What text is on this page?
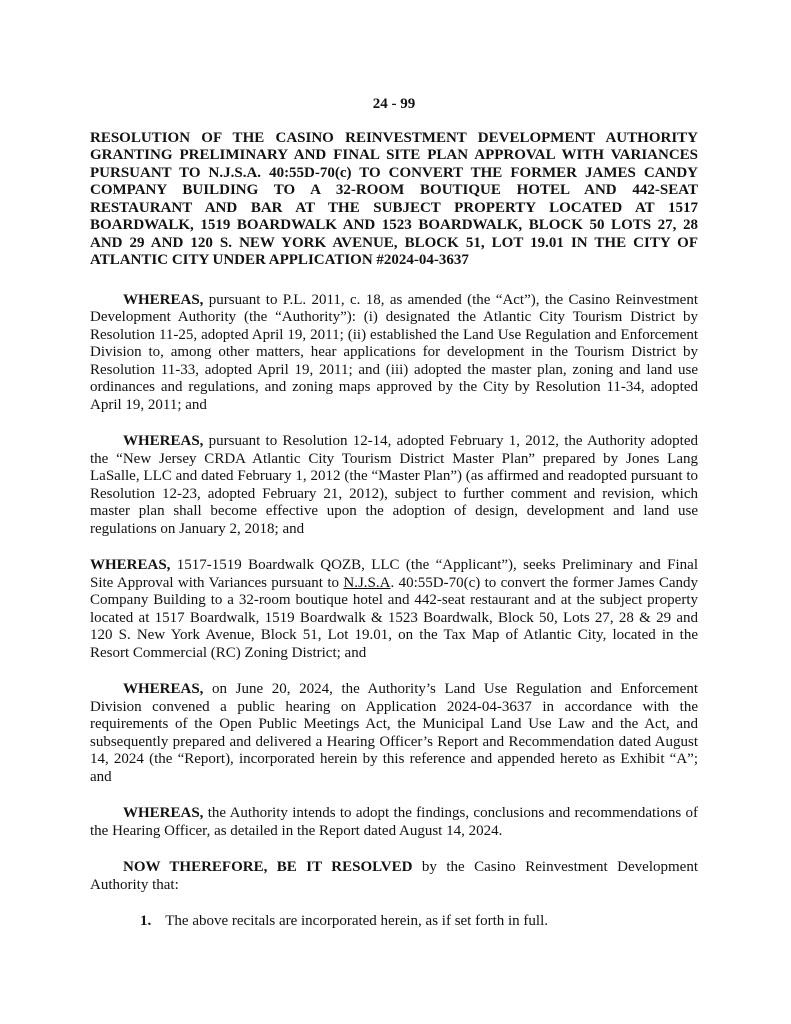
24 - 99

RESOLUTION OF THE CASINO REINVESTMENT DEVELOPMENT AUTHORITY GRANTING PRELIMINARY AND FINAL SITE PLAN APPROVAL WITH VARIANCES PURSUANT TO N.J.S.A. 40:55D-70(c) TO CONVERT THE FORMER JAMES CANDY COMPANY BUILDING TO A 32-ROOM BOUTIQUE HOTEL AND 442-SEAT RESTAURANT AND BAR AT THE SUBJECT PROPERTY LOCATED AT 1517 BOARDWALK, 1519 BOARDWALK AND 1523 BOARDWALK, BLOCK 50 LOTS 27, 28 AND 29 AND 120 S. NEW YORK AVENUE, BLOCK 51, LOT 19.01 IN THE CITY OF ATLANTIC CITY UNDER APPLICATION #2024-04-3637

WHEREAS, pursuant to P.L. 2011, c. 18, as amended (the “Act”), the Casino Reinvestment Development Authority (the “Authority”): (i) designated the Atlantic City Tourism District by Resolution 11-25, adopted April 19, 2011; (ii) established the Land Use Regulation and Enforcement Division to, among other matters, hear applications for development in the Tourism District by Resolution 11-33, adopted April 19, 2011; and (iii) adopted the master plan, zoning and land use ordinances and regulations, and zoning maps approved by the City by Resolution 11-34, adopted April 19, 2011; and

WHEREAS, pursuant to Resolution 12-14, adopted February 1, 2012, the Authority adopted the “New Jersey CRDA Atlantic City Tourism District Master Plan” prepared by Jones Lang LaSalle, LLC and dated February 1, 2012 (the “Master Plan”) (as affirmed and readopted pursuant to Resolution 12-23, adopted February 21, 2012), subject to further comment and revision, which master plan shall become effective upon the adoption of design, development and land use regulations on January 2, 2018; and

WHEREAS, 1517-1519 Boardwalk QOZB, LLC (the “Applicant”), seeks Preliminary and Final Site Approval with Variances pursuant to N.J.S.A. 40:55D-70(c) to convert the former James Candy Company Building to a 32-room boutique hotel and 442-seat restaurant and at the subject property located at 1517 Boardwalk, 1519 Boardwalk & 1523 Boardwalk, Block 50, Lots 27, 28 & 29 and 120 S. New York Avenue, Block 51, Lot 19.01, on the Tax Map of Atlantic City, located in the Resort Commercial (RC) Zoning District; and

WHEREAS, on June 20, 2024, the Authority’s Land Use Regulation and Enforcement Division convened a public hearing on Application 2024-04-3637 in accordance with the requirements of the Open Public Meetings Act, the Municipal Land Use Law and the Act, and subsequently prepared and delivered a Hearing Officer’s Report and Recommendation dated August 14, 2024 (the “Report), incorporated herein by this reference and appended hereto as Exhibit “A”; and

WHEREAS, the Authority intends to adopt the findings, conclusions and recommendations of the Hearing Officer, as detailed in the Report dated August 14, 2024.

NOW THEREFORE, BE IT RESOLVED by the Casino Reinvestment Development Authority that:

1. The above recitals are incorporated herein, as if set forth in full.
